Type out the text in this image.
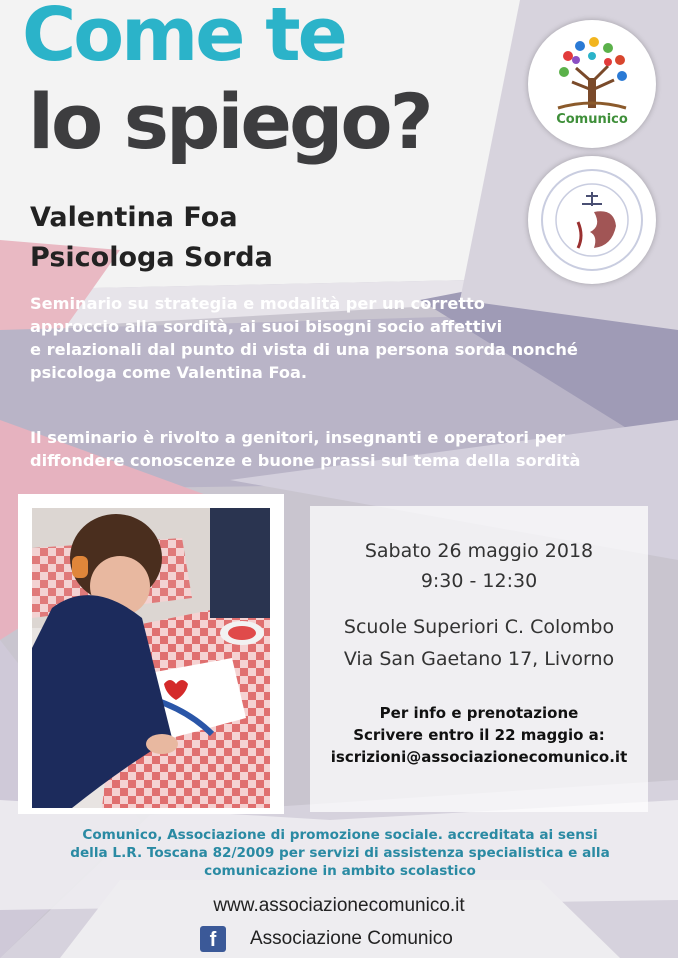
Come te
lo spiego?
Valentina Foa
Psicologa Sorda
Comunico
Seminario su strategia e modalità per un corretto
approccio alla sordità, ai suoi bisogni socio affettivi
e relazionali dal punto di vista di una persona sorda nonché
psicologa come Valentina Foa.
Il seminario è rivolto a genitori, insegnanti e operatori per
diffondere conoscenze e buone prassi sul tema della sordità
Sabato 26 maggio 2018
9:30 - 12:30
Scuole Superiori C. Colombo
Via San Gaetano 17, Livorno
Per info e prenotazione
Scrivere entro il 22 maggio a:
iscrizioni@associazionecomunico.it
Comunico, Associazione di promozione sociale. accreditata ai sensi
della L.R. Toscana 82/2009 per servizi di assistenza specialistica e alla
comunicazione in ambito scolastico
www.associazionecomunico.it
f	Associazione Comunico
